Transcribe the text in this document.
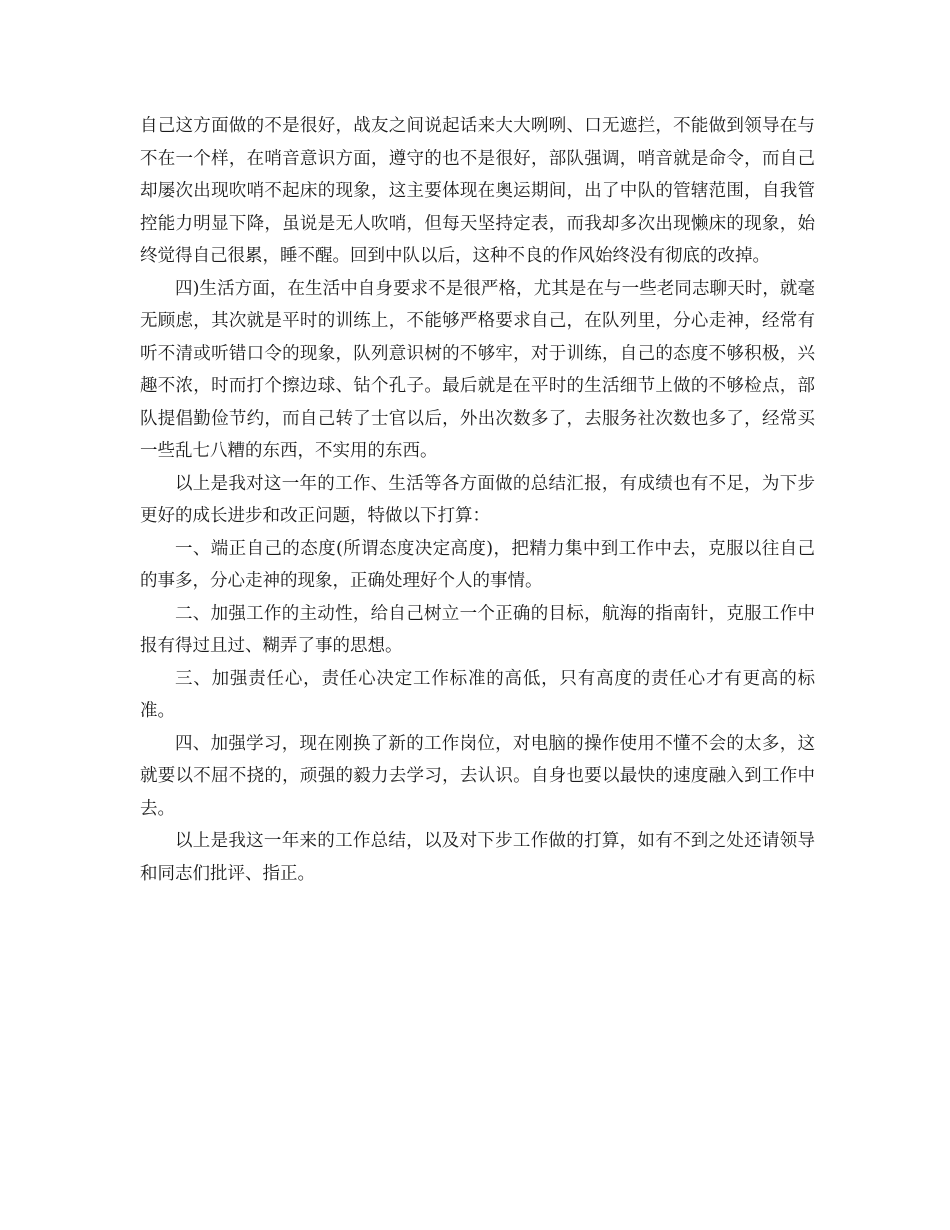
自己这方面做的不是很好，战友之间说起话来大大咧咧、口无遮拦，不能做到领导在与不在一个样，在哨音意识方面，遵守的也不是很好，部队强调，哨音就是命令，而自己却屡次出现吹哨不起床的现象，这主要体现在奥运期间，出了中队的管辖范围，自我管控能力明显下降，虽说是无人吹哨，但每天坚持定表，而我却多次出现懒床的现象，始终觉得自己很累，睡不醒。回到中队以后，这种不良的作风始终没有彻底的改掉。

四)生活方面，在生活中自身要求不是很严格，尤其是在与一些老同志聊天时，就毫无顾虑，其次就是平时的训练上，不能够严格要求自己，在队列里，分心走神，经常有听不清或听错口令的现象，队列意识树的不够牢，对于训练，自己的态度不够积极，兴趣不浓，时而打个擦边球、钻个孔子。最后就是在平时的生活细节上做的不够检点，部队提倡勤俭节约，而自己转了士官以后，外出次数多了，去服务社次数也多了，经常买一些乱七八糟的东西，不实用的东西。

以上是我对这一年的工作、生活等各方面做的总结汇报，有成绩也有不足，为下步更好的成长进步和改正问题，特做以下打算：

一、端正自己的态度(所谓态度决定高度)，把精力集中到工作中去，克服以往自己的事多，分心走神的现象，正确处理好个人的事情。

二、加强工作的主动性，给自己树立一个正确的目标，航海的指南针，克服工作中报有得过且过、糊弄了事的思想。

三、加强责任心，责任心决定工作标准的高低，只有高度的责任心才有更高的标准。

四、加强学习，现在刚换了新的工作岗位，对电脑的操作使用不懂不会的太多，这就要以不屈不挠的，顽强的毅力去学习，去认识。自身也要以最快的速度融入到工作中去。

以上是我这一年来的工作总结，以及对下步工作做的打算，如有不到之处还请领导和同志们批评、指正。
